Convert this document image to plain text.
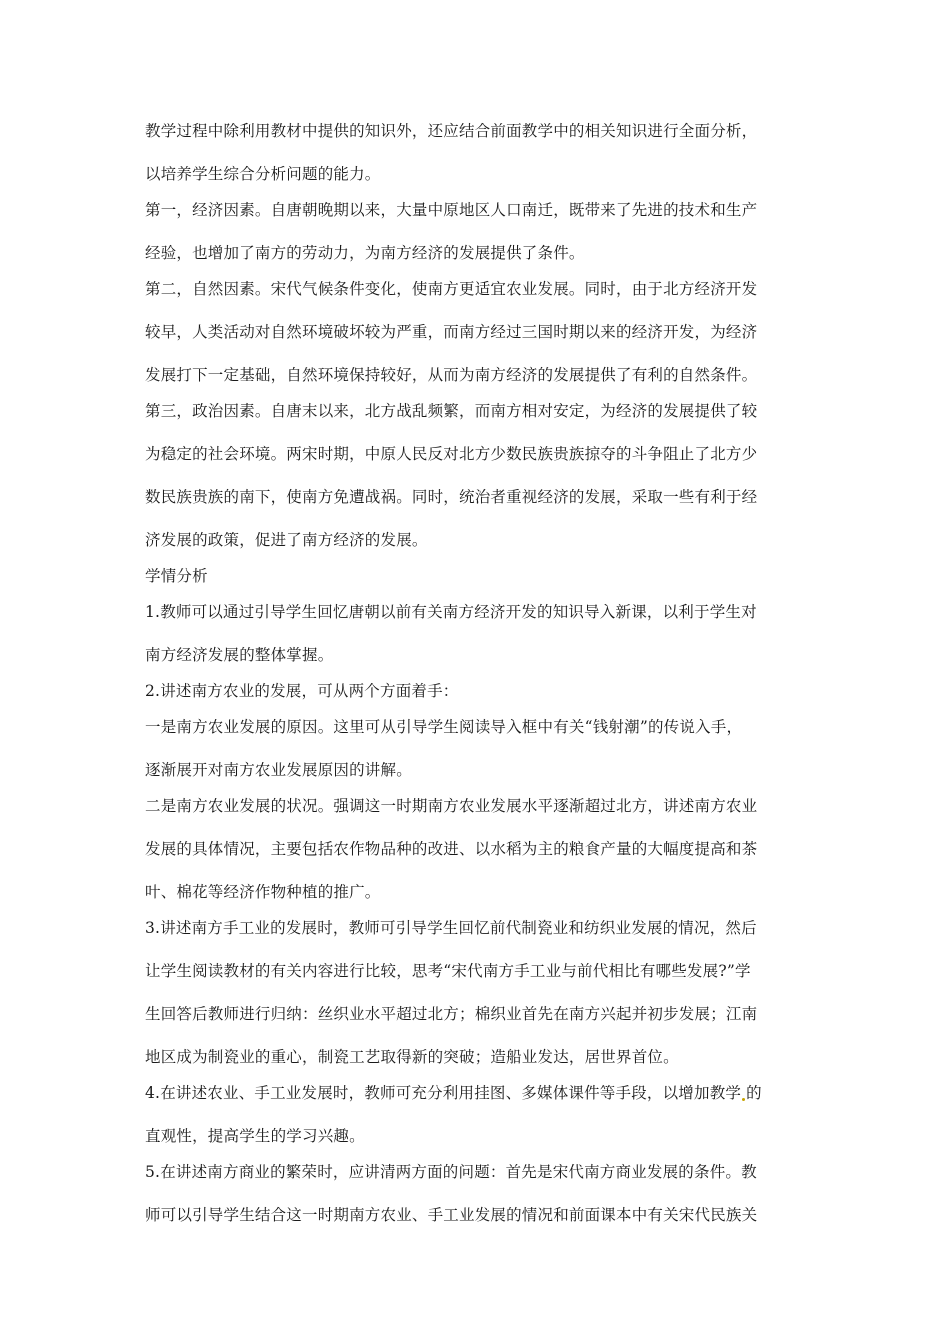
教学过程中除利用教材中提供的知识外，还应结合前面教学中的相关知识进行全面分析，
以培养学生综合分析问题的能力。
第一，经济因素。自唐朝晚期以来，大量中原地区人口南迁，既带来了先进的技术和生产
经验，也增加了南方的劳动力，为南方经济的发展提供了条件。
第二，自然因素。宋代气候条件变化，使南方更适宜农业发展。同时，由于北方经济开发
较早，人类活动对自然环境破坏较为严重，而南方经过三国时期以来的经济开发，为经济
发展打下一定基础，自然环境保持较好，从而为南方经济的发展提供了有利的自然条件。
第三，政治因素。自唐末以来，北方战乱频繁，而南方相对安定，为经济的发展提供了较
为稳定的社会环境。两宋时期，中原人民反对北方少数民族贵族掠夺的斗争阻止了北方少
数民族贵族的南下，使南方免遭战祸。同时，统治者重视经济的发展，采取一些有利于经
济发展的政策，促进了南方经济的发展。
学情分析
1.教师可以通过引导学生回忆唐朝以前有关南方经济开发的知识导入新课，以利于学生对
南方经济发展的整体掌握。
2.讲述南方农业的发展，可从两个方面着手：
一是南方农业发展的原因。这里可从引导学生阅读导入框中有关“钱射潮”的传说入手，
逐渐展开对南方农业发展原因的讲解。
二是南方农业发展的状况。强调这一时期南方农业发展水平逐渐超过北方，讲述南方农业
发展的具体情况，主要包括农作物品种的改进、以水稻为主的粮食产量的大幅度提高和茶
叶、棉花等经济作物种植的推广。
3.讲述南方手工业的发展时，教师可引导学生回忆前代制瓷业和纺织业发展的情况，然后
让学生阅读教材的有关内容进行比较，思考“宋代南方手工业与前代相比有哪些发展?”学
生回答后教师进行归纳：丝织业水平超过北方；棉织业首先在南方兴起并初步发展；江南
地区成为制瓷业的重心，制瓷工艺取得新的突破；造船业发达，居世界首位。
4.在讲述农业、手工业发展时，教师可充分利用挂图、多媒体课件等手段，以增加教学 的
直观性，提高学生的学习兴趣。
5.在讲述南方商业的繁荣时，应讲清两方面的问题：首先是宋代南方商业发展的条件。教
师可以引导学生结合这一时期南方农业、手工业发展的情况和前面课本中有关宋代民族关
